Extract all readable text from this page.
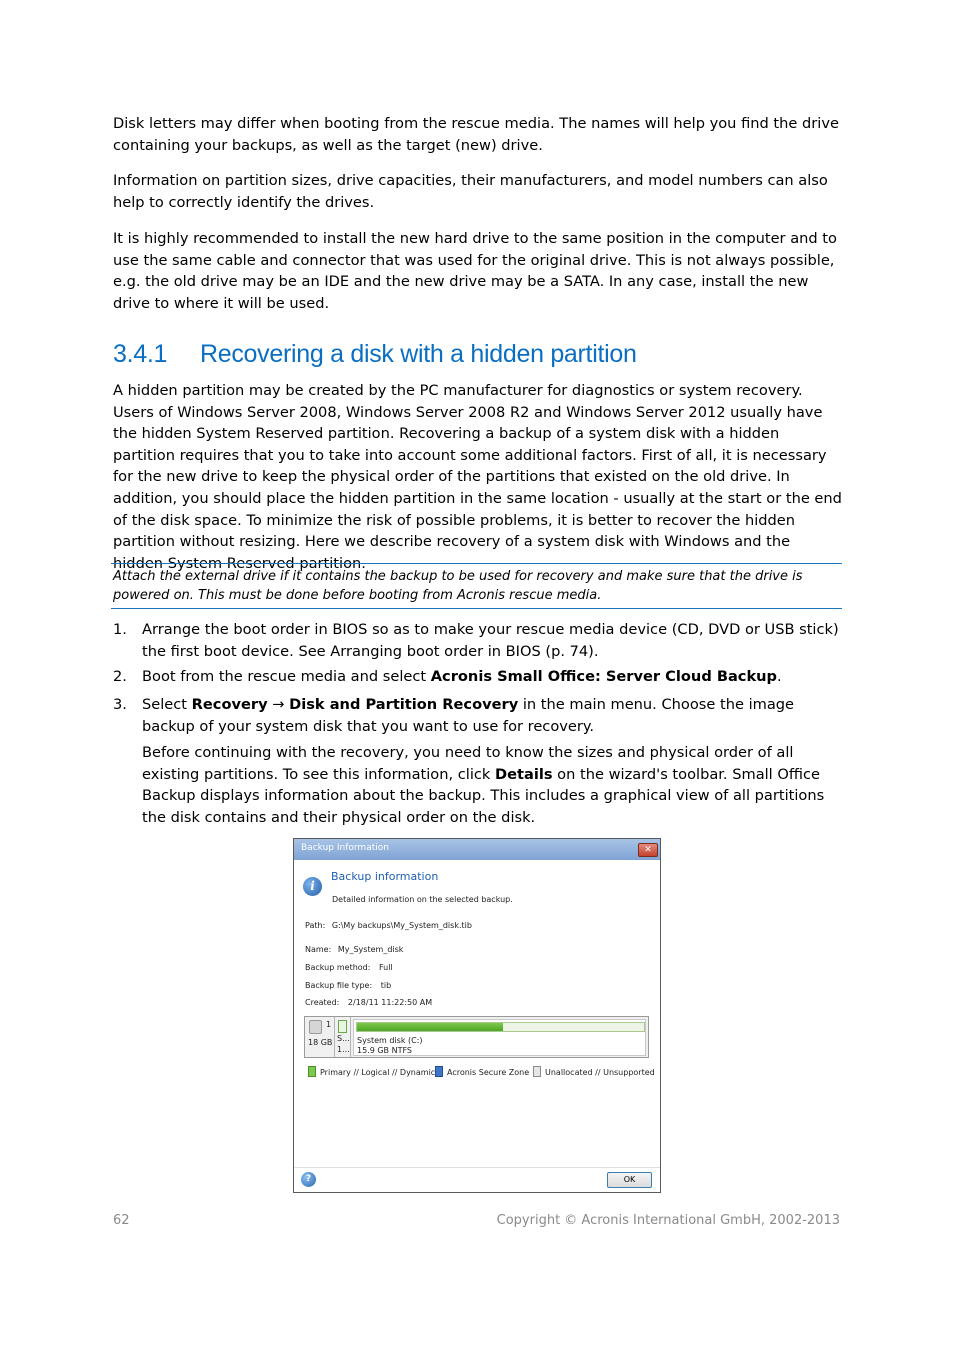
Disk letters may differ when booting from the rescue media. The names will help you find the drive containing your backups, as well as the target (new) drive.

Information on partition sizes, drive capacities, their manufacturers, and model numbers can also help to correctly identify the drives.

It is highly recommended to install the new hard drive to the same position in the computer and to use the same cable and connector that was used for the original drive. This is not always possible, e.g. the old drive may be an IDE and the new drive may be a SATA. In any case, install the new drive to where it will be used.

3.4.1 Recovering a disk with a hidden partition

A hidden partition may be created by the PC manufacturer for diagnostics or system recovery. Users of Windows Server 2008, Windows Server 2008 R2 and Windows Server 2012 usually have the hidden System Reserved partition. Recovering a backup of a system disk with a hidden partition requires that you to take into account some additional factors. First of all, it is necessary for the new drive to keep the physical order of the partitions that existed on the old drive. In addition, you should place the hidden partition in the same location - usually at the start or the end of the disk space. To minimize the risk of possible problems, it is better to recover the hidden partition without resizing. Here we describe recovery of a system disk with Windows and the hidden System Reserved partition.

Attach the external drive if it contains the backup to be used for recovery and make sure that the drive is powered on. This must be done before booting from Acronis rescue media.
1. Arrange the boot order in BIOS so as to make your rescue media device (CD, DVD or USB stick) the first boot device. See Arranging boot order in BIOS (p. 74).
2. Boot from the rescue media and select Acronis Small Office: Server Cloud Backup.
3. Select Recovery → Disk and Partition Recovery in the main menu. Choose the image backup of your system disk that you want to use for recovery.
Before continuing with the recovery, you need to know the sizes and physical order of all existing partitions. To see this information, click Details on the wizard's toolbar. Small Office Backup displays information about the backup. This includes a graphical view of all partitions the disk contains and their physical order on the disk.
Backup Information	✕
i
Backup information
Detailed information on the selected backup.
Path: G:\My backups\My_System_disk.tib
Name: My_System_disk
Backup method: Full
Backup file type: tib
Created: 2/18/11 11:22:50 AM
1
18 GB S...
1...
System disk (C:)
15.9 GB NTFS
Primary // Logical // Dynamic	Acronis Secure Zone	Unallocated // Unsupported
?	OK
62	Copyright © Acronis International GmbH, 2002-2013
